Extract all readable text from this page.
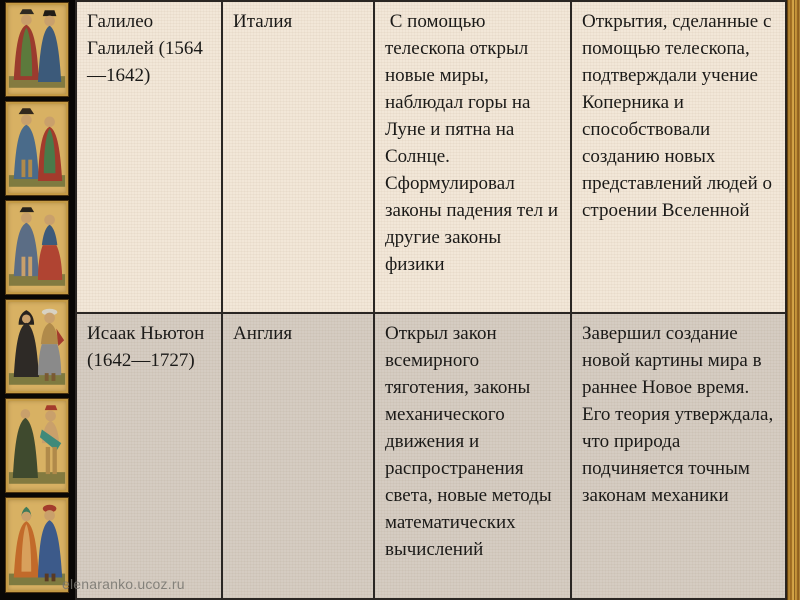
Галилео Галилей (1564—1642)	Италия	С помощью телескопа открыл новые миры, наблюдал горы на Луне и пятна на Солнце. Сформулировал законы падения тел и другие законы физики	Открытия, сделанные с помощью телескопа, подтверждали учение Коперника и способствовали созданию новых представлений людей о строении Вселенной
Исаак Ньютон (1642—1727)	Англия	Открыл закон всемирного тяготения, законы механического движения и распространения света, новые методы математических вычислений	Завершил создание новой картины мира в раннее Новое время. Его теория утверждала, что природа подчиняется точным законам механики
elenaranko.ucoz.ru
